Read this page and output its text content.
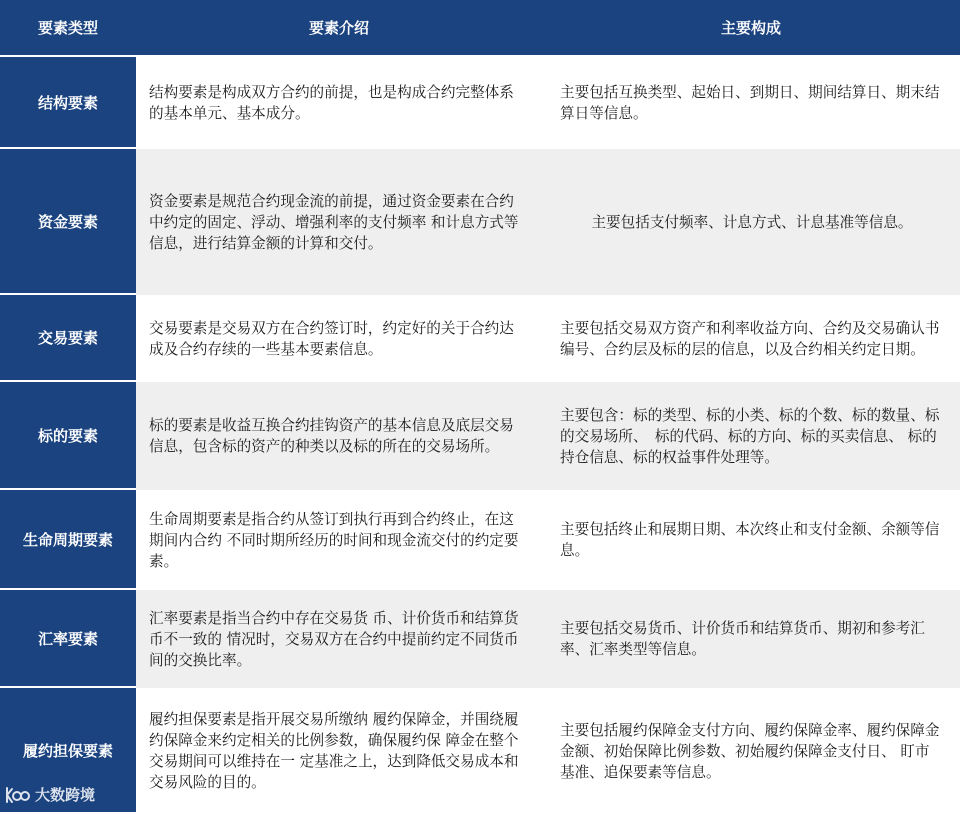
要素类型	要素介绍	主要构成
结构要素	结构要素是构成双方合约的前提，也是构成合约完整体系的基本单元、基本成分。	主要包括互换类型、起始日、到期日、期间结算日、期末结算日等信息。
资金要素	资金要素是规范合约现金流的前提，通过资金要素在合约中约定的固定、浮动、增强利率的支付频率 和计息方式等信息，进行结算金额的计算和交付。	主要包括支付频率、计息方式、计息基准等信息。
交易要素	交易要素是交易双方在合约签订时，约定好的关于合约达成及合约存续的一些基本要素信息。	主要包括交易双方资产和利率收益方向、合约及交易确认书编号、合约层及标的层的信息，以及合约相关约定日期。
标的要素	标的要素是收益互换合约挂钩资产的基本信息及底层交易信息，包含标的资产的种类以及标的所在的交易场所。	主要包含：标的类型、标的小类、标的个数、标的数量、标的交易场所、　标的代码、标的方向、标的买卖信息、 标的持仓信息、标的权益事件处理等。
生命周期要素	生命周期要素是指合约从签订到执行再到合约终止，在这期间内合约 不同时期所经历的时间和现金流交付的约定要素。	主要包括终止和展期日期、本次终止和支付金额、余额等信息。
汇率要素	汇率要素是指当合约中存在交易货 币、计价货币和结算货币不一致的 情况时，交易双方在合约中提前约定不同货币间的交换比率。	主要包括交易货币、计价货币和结算货币、期初和参考汇率、汇率类型等信息。
履约担保要素	履约担保要素是指开展交易所缴纳 履约保障金，并围绕履约保障金来约定相关的比例参数，确保履约保 障金在整个交易期间可以维持在一 定基准之上，达到降低交易成本和交易风险的目的。	主要包括履约保障金支付方向、履约保障金率、履约保障金金额、初始保障比例参数、初始履约保障金支付日、 盯市基准、追保要素等信息。
大数跨境
